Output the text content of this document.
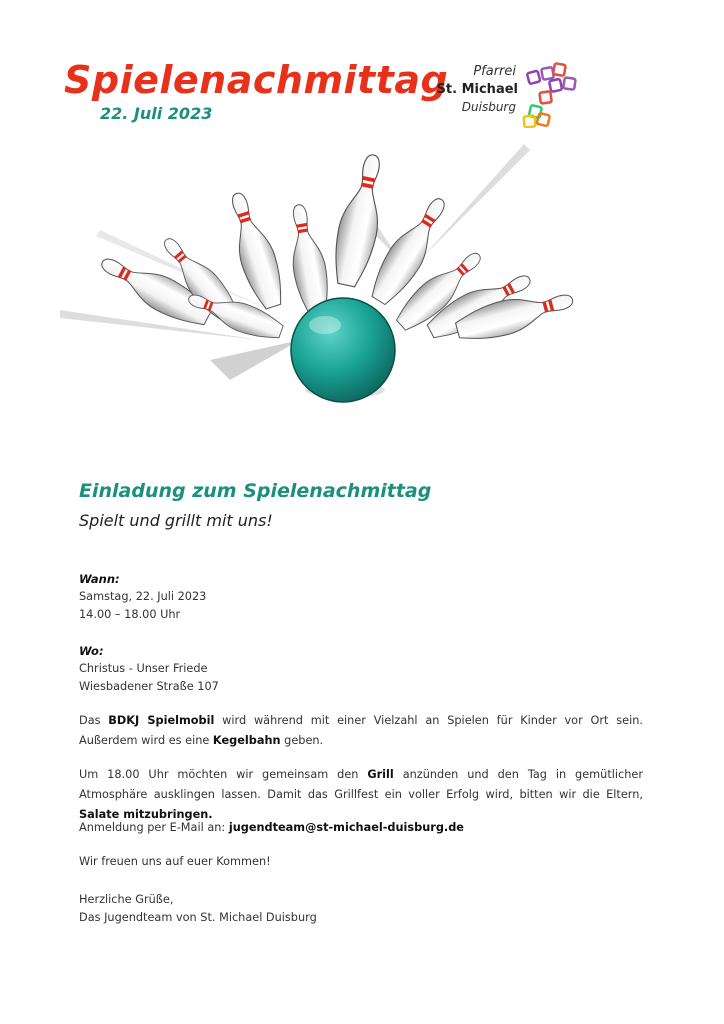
Spielenachmittag
22. Juli 2023
Pfarrei
St. Michael
Duisburg
Einladung zum Spielenachmittag
Spielt und grillt mit uns!
Wann:
Samstag, 22. Juli 2023
14.00 – 18.00 Uhr
Wo:
Christus - Unser Friede
Wiesbadener Straße 107
Das BDKJ Spielmobil wird während mit einer Vielzahl an Spielen für Kinder vor Ort sein. Außerdem wird es eine Kegelbahn geben.
Um 18.00 Uhr möchten wir gemeinsam den Grill anzünden und den Tag in gemütlicher Atmosphäre ausklingen lassen. Damit das Grillfest ein voller Erfolg wird, bitten wir die Eltern, Salate mitzubringen.
Anmeldung per E-Mail an: jugendteam@st-michael-duisburg.de
Wir freuen uns auf euer Kommen!
Herzliche Grüße,
Das Jugendteam von St. Michael Duisburg
